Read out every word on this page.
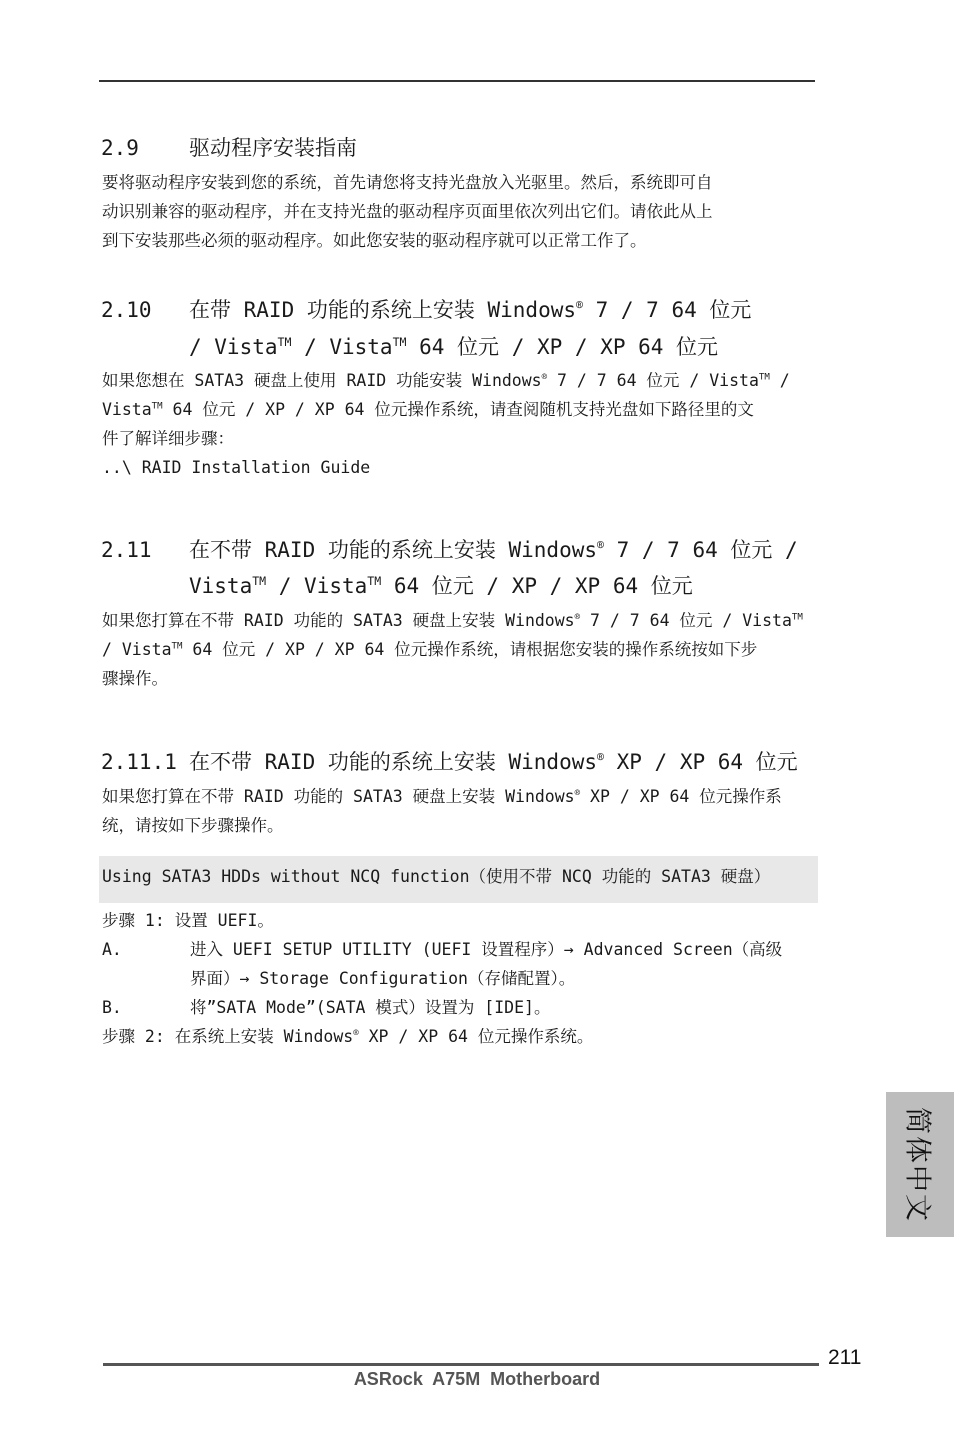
2.9 驱动程序安装指南
要将驱动程序安装到您的系统，首先请您将支持光盘放入光驱里。然后，系统即可自
动识别兼容的驱动程序，并在支持光盘的驱动程序页面里依次列出它们。请依此从上
到下安装那些必须的驱动程序。如此您安装的驱动程序就可以正常工作了。
2.10 在带 RAID 功能的系统上安装 Windows® 7 / 7 64 位元
/ Vista™ / Vista™ 64 位元 / XP / XP 64 位元
如果您想在 SATA3 硬盘上使用 RAID 功能安装 Windows® 7 / 7 64 位元 / Vista™ /
Vista™ 64 位元 / XP / XP 64 位元操作系统，请查阅随机支持光盘如下路径里的文
件了解详细步骤：
..\ RAID Installation Guide
2.11 在不带 RAID 功能的系统上安装 Windows® 7 / 7 64 位元 /
Vista™ / Vista™ 64 位元 / XP / XP 64 位元
如果您打算在不带 RAID 功能的 SATA3 硬盘上安装 Windows® 7 / 7 64 位元 / Vista™
/ Vista™ 64 位元 / XP / XP 64 位元操作系统，请根据您安装的操作系统按如下步
骤操作。
2.11.1 在不带 RAID 功能的系统上安装 Windows® XP / XP 64 位元
如果您打算在不带 RAID 功能的 SATA3 硬盘上安装 Windows® XP / XP 64 位元操作系
统，请按如下步骤操作。
Using SATA3 HDDs without NCQ function（使用不带 NCQ 功能的 SATA3 硬盘）
步骤 1: 设置 UEFI。
A.	进入 UEFI SETUP UTILITY (UEFI 设置程序）→ Advanced Screen（高级
界面）→ Storage Configuration（存储配置）。
B.	将”SATA Mode”(SATA 模式）设置为 [IDE]。
步骤 2: 在系统上安装 Windows® XP / XP 64 位元操作系统。
简体中文
211
ASRock  A75M  Motherboard
